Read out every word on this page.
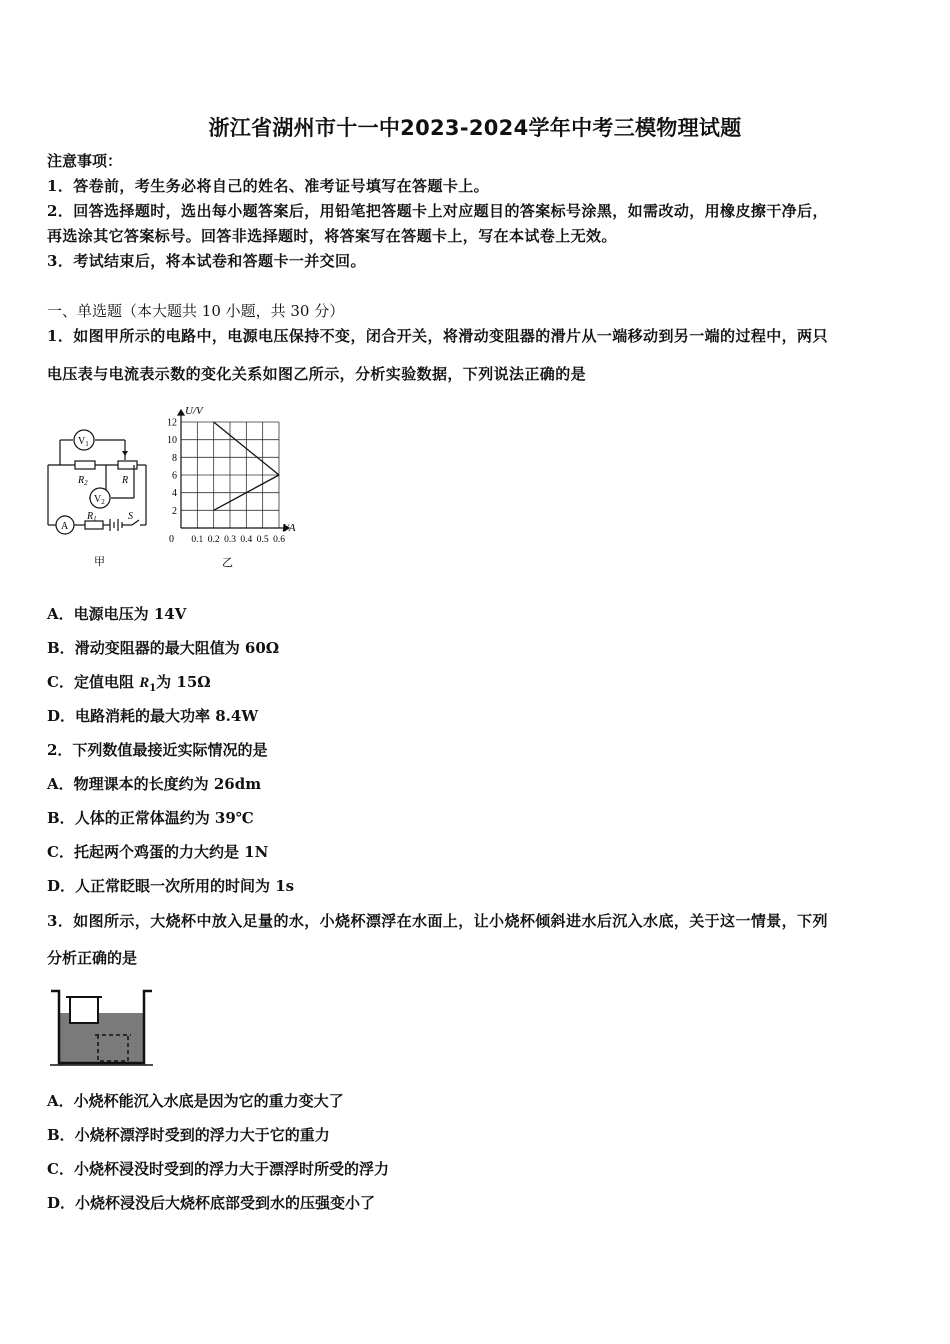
浙江省湖州市十一中2023-2024学年中考三模物理试题
注意事项：
1．答卷前，考生务必将自己的姓名、准考证号填写在答题卡上。
2．回答选择题时，选出每小题答案后，用铅笔把答题卡上对应题目的答案标号涂黑，如需改动，用橡皮擦干净后，
再选涂其它答案标号。回答非选择题时，将答案写在答题卡上，写在本试卷上无效。
3．考试结束后，将本试卷和答题卡一并交回。
一、单选题（本大题共 10 小题，共 30 分）
1．如图甲所示的电路中，电源电压保持不变，闭合开关，将滑动变阻器的滑片从一端移动到另一端的过程中，两只
电压表与电流表示数的变化关系如图乙所示，分析实验数据，下列说法正确的是
$V_1$
$V_2$
A
$R_2$	R
$R_1$	S
甲
2
4
6
8
10
12
0.1 0.2 0.3 0.4 0.5 0.6
U/V
I/A
0
乙
A．电源电压为 14V
B．滑动变阻器的最大阻值为 60Ω
C．定值电阻 $R_1$为 15Ω
D．电路消耗的最大功率 8.4W
2．下列数值最接近实际情况的是
A．物理课本的长度约为 26dm
B．人体的正常体温约为 39℃
C．托起两个鸡蛋的力大约是 1N
D．人正常眨眼一次所用的时间为 1s
3．如图所示，大烧杯中放入足量的水，小烧杯漂浮在水面上，让小烧杯倾斜进水后沉入水底，关于这一情景，下列
分析正确的是
A．小烧杯能沉入水底是因为它的重力变大了
B．小烧杯漂浮时受到的浮力大于它的重力
C．小烧杯浸没时受到的浮力大于漂浮时所受的浮力
D．小烧杯浸没后大烧杯底部受到水的压强变小了
